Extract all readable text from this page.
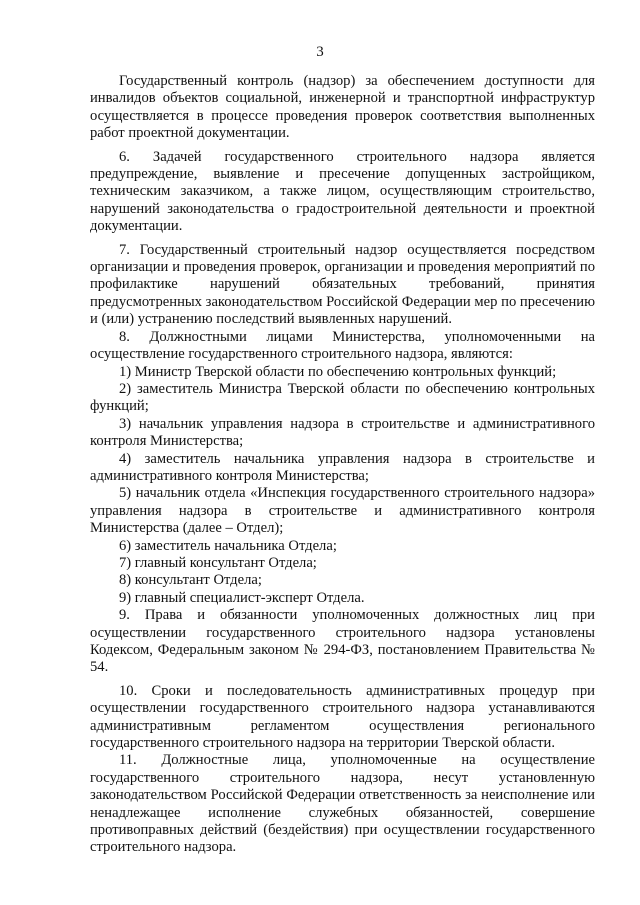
3

Государственный контроль (надзор) за обеспечением доступности для инвалидов объектов социальной, инженерной и транспортной инфраструктур осуществляется в процессе проведения проверок соответствия выполненных работ проектной документации.

6. Задачей государственного строительного надзора является предупреждение, выявление и пресечение допущенных застройщиком, техническим заказчиком, а также лицом, осуществляющим строительство, нарушений законодательства о градостроительной деятельности и проектной документации.

7. Государственный строительный надзор осуществляется посредством организации и проведения проверок, организации и проведения мероприятий по профилактике нарушений обязательных требований, принятия предусмотренных законодательством Российской Федерации мер по пресечению и (или) устранению последствий выявленных нарушений.

8. Должностными лицами Министерства, уполномоченными на осуществление государственного строительного надзора, являются:

1) Министр Тверской области по обеспечению контрольных функций;

2) заместитель Министра Тверской области по обеспечению контрольных функций;

3) начальник управления надзора в строительстве и административного контроля Министерства;

4) заместитель начальника управления надзора в строительстве и административного контроля Министерства;

5) начальник отдела «Инспекция государственного строительного надзора» управления надзора в строительстве и административного контроля Министерства (далее – Отдел);

6) заместитель начальника Отдела;

7) главный консультант Отдела;

8) консультант Отдела;

9) главный специалист-эксперт Отдела.

9. Права и обязанности уполномоченных должностных лиц при осуществлении государственного строительного надзора установлены Кодексом, Федеральным законом № 294-ФЗ, постановлением Правительства № 54.

10. Сроки и последовательность административных процедур при осуществлении государственного строительного надзора устанавливаются административным регламентом осуществления регионального государственного строительного надзора на территории Тверской области.

11. Должностные лица, уполномоченные на осуществление государственного строительного надзора, несут установленную законодательством Российской Федерации ответственность за неисполнение или ненадлежащее исполнение служебных обязанностей, совершение противоправных действий (бездействия) при осуществлении государственного строительного надзора.
